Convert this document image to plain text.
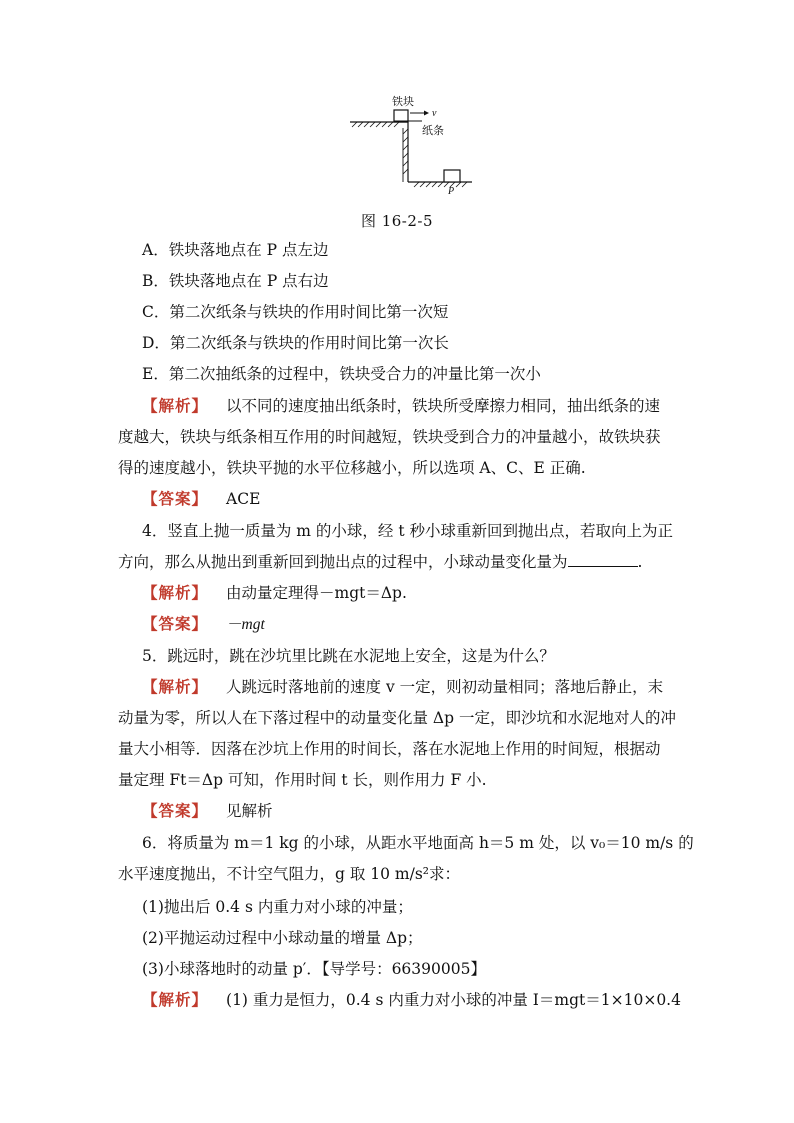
铁块
v
纸条
P
图 16-2-5
A．铁块落地点在 P 点左边
B．铁块落地点在 P 点右边
C．第二次纸条与铁块的作用时间比第一次短
D．第二次纸条与铁块的作用时间比第一次长
E．第二次抽纸条的过程中，铁块受合力的冲量比第一次小
【解析】 以不同的速度抽出纸条时，铁块所受摩擦力相同，抽出纸条的速
度越大，铁块与纸条相互作用的时间越短，铁块受到合力的冲量越小，故铁块获
得的速度越小，铁块平抛的水平位移越小，所以选项 A、C、E 正确.
【答案】 ACE
4．竖直上抛一质量为 m 的小球，经 t 秒小球重新回到抛出点，若取向上为正
方向，那么从抛出到重新回到抛出点的过程中，小球动量变化量为	.
【解析】 由动量定理得－mgt＝Δp.
【答案】 －mgt
5．跳远时，跳在沙坑里比跳在水泥地上安全，这是为什么？
【解析】 人跳远时落地前的速度 v 一定，则初动量相同；落地后静止，末
动量为零，所以人在下落过程中的动量变化量 Δp 一定，即沙坑和水泥地对人的冲
量大小相等．因落在沙坑上作用的时间长，落在水泥地上作用的时间短，根据动
量定理 Ft＝Δp 可知，作用时间 t 长，则作用力 F 小.
【答案】 见解析
6．将质量为 m＝1 kg 的小球，从距水平地面高 h＝5 m 处，以 v₀＝10 m/s 的
水平速度抛出，不计空气阻力，g 取 10 m/s²求：
(1)抛出后 0.4 s 内重力对小球的冲量；
(2)平抛运动过程中小球动量的增量 Δp；
(3)小球落地时的动量 p′．【导学号：66390005】
【解析】 (1) 重力是恒力，0.4 s 内重力对小球的冲量 I＝mgt＝1×10×0.4
